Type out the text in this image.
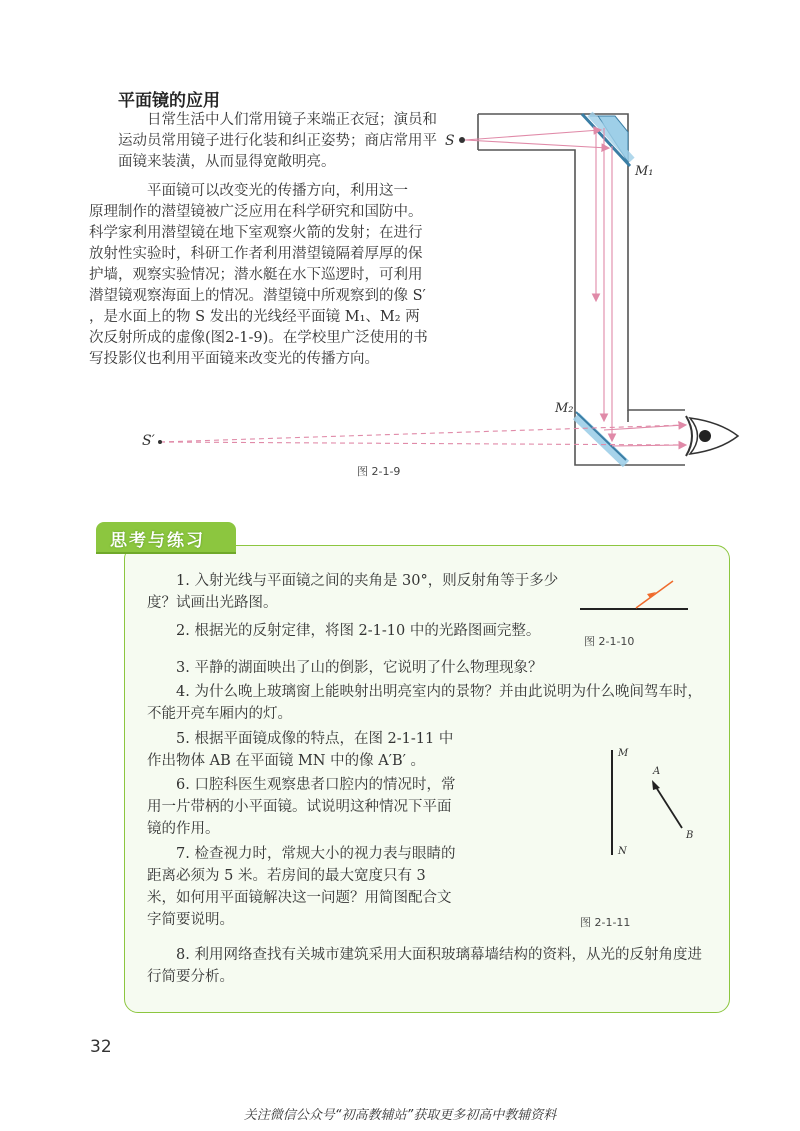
平面镜的应用

日常生活中人们常用镜子来端正衣冠；演员和运动员常用镜子进行化装和纠正姿势；商店常用平面镜来装潢，从而显得宽敞明亮。

平面镜可以改变光的传播方向，利用这一

原理制作的潜望镜被广泛应用在科学研究和国防中。科学家利用潜望镜在地下室观察火箭的发射；在进行放射性实验时，科研工作者利用潜望镜隔着厚厚的保护墙，观察实验情况；潜水艇在水下巡逻时，可利用潜望镜观察海面上的情况。潜望镜中所观察到的像 S′ ，是水面上的物 S 发出的光线经平面镜 M₁、M₂ 两次反射所成的虚像(图2-1-9)。在学校里广泛使用的书写投影仪也利用平面镜来改变光的传播方向。

S
S′
M₁
M₂
图 2-1-9
思考与练习

1. 入射光线与平面镜之间的夹角是 30°，则反射角等于多少度？试画出光路图。

2. 根据光的反射定律，将图 2-1-10 中的光路图画完整。

3. 平静的湖面映出了山的倒影，它说明了什么物理现象？

4. 为什么晚上玻璃窗上能映射出明亮室内的景物？并由此说明为什么晚间驾车时，不能开亮车厢内的灯。

5. 根据平面镜成像的特点，在图 2-1-11 中作出物体 AB 在平面镜 MN 中的像 A′B′ 。

6. 口腔科医生观察患者口腔内的情况时，常用一片带柄的小平面镜。试说明这种情况下平面镜的作用。

7. 检查视力时，常规大小的视力表与眼睛的距离必须为 5 米。若房间的最大宽度只有 3 米，如何用平面镜解决这一问题？用简图配合文字简要说明。

8. 利用网络查找有关城市建筑采用大面积玻璃幕墙结构的资料，从光的反射角度进行简要分析。

图 2-1-10
M
N
A
B
图 2-1-11
32
关注微信公众号“初高教辅站”获取更多初高中教辅资料
